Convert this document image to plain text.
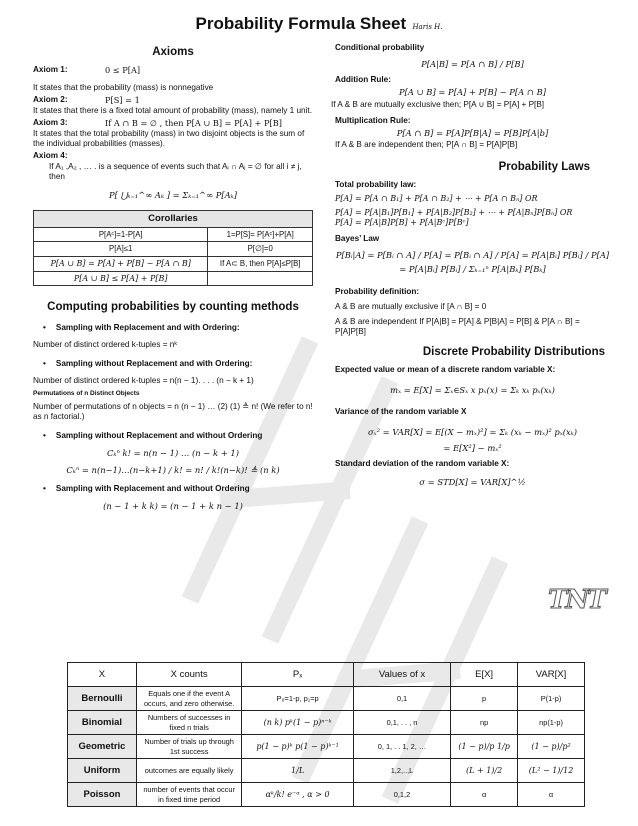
Probability Formula Sheet Haris H.
Axioms
Axiom 1:	0 ≤ P[A]

It states that the probability (mass) is nonnegative

Axiom 2:	P[S] = 1

It states that there is a fixed total amount of probability (mass), namely 1 unit.

Axiom 3:	If A ∩ B = ∅ , then P[A ∪ B] = P[A] + P[B]

It states that the total probability (mass) in two disjoint objects is the sum of the individual probabilities (masses).

Axiom 4:

If A₁ ,A₂ , … . is a sequence of events such that Aᵢ ∩ Aⱼ = ∅ for all i ≠ j, then

P[ ⋃ₖ₌₁^∞ Aₖ ] = Σₖ₌₁^∞ P[Aₖ]

Corollaries	
P[Aᶜ]=1-P[A]	1=P[S]= P[Aᶜ]+P[A]
P[A]≤1	P[∅]=0
P[A ∪ B] = P[A] + P[B] − P[A ∩ B]	If A⊂ B, then P[A]≤P[B]
P[A ∪ B] ≤ P[A] + P[B]	
Computing probabilities by counting methods
• Sampling with Replacement and with Ordering:

Number of distinct ordered k-tuples = nᵏ

• Sampling without Replacement and with Ordering:

Number of distinct ordered k-tuples = n(n − 1). . . . (n − k + 1)

Permutations of n Distinct Objects

Number of permutations of n objects = n (n − 1) … (2) (1) ≜ n! (We refer to n! as n factorial.)

• Sampling without Replacement and without Ordering

Cₖⁿ k! = n(n − 1) … (n − k + 1)

Cₖⁿ = n(n−1)…(n−k+1) / k! = n! / k!(n−k)! ≜ (n k)

• Sampling with Replacement and without Ordering

(n − 1 + k k) = (n − 1 + k n − 1)

Conditional probability

P[A|B] = P[A ∩ B] / P[B]

Addition Rule:

P[A ∪ B] = P[A] + P[B] − P[A ∩ B]

If A & B are mutually exclusive then; P[A ∪ B] = P[A] + P[B]

Multiplication Rule:

P[A ∩ B] = P[A]P[B|A] = P[B]P[A|b]

If A & B are independent then; P[A ∩ B] = P[A]P[B]

Probability Laws

Total probability law:

P[A] = P[A ∩ B₁] + P[A ∩ B₂] + ⋯ + P[A ∩ Bₙ] OR

P[A] = P[A|B₁]P[B₁] + P[A|B₂]P[B₂] + ⋯ + P[A|Bₙ]P[Bₙ] OR

P[A] = P[A|B]P[B] + P[A|Bᶜ]P[Bᶜ]

Bayes’ Law

P[Bᵢ|A] = P[Bᵢ ∩ A] / P[A] = P[Bᵢ ∩ A] / P[A] = P[A|Bᵢ] P[Bᵢ] / P[A]

= P[A|Bᵢ] P[Bᵢ] / Σₖ₌₁ⁿ P[A|Bₖ] P[Bₖ]

Probability definition:

A & B are mutually exclusive if [A ∩ B] = 0

A & B are independent If P[A|B] = P[A] & P[B|A] = P[B] & P[A ∩ B] = P[A]P[B]

Discrete Probability Distributions

Expected value or mean of a discrete random variable X:

mₓ = E[X] = Σₓ∈Sₓ x pₓ(x) = Σₖ xₖ pₓ(xₖ)

Variance of the random variable X

σₓ² = VAR[X] = E[(X − mₓ)²] = Σₖ (xₖ − mₓ)² pₓ(xₖ)

= E[X²] − mₓ²

Standard deviation of the random variable X:

σ = STD[X] = VAR[X]^½

TNT
X	X counts	Pₓ	Values of x	E[X]	VAR[X]
Bernoulli	Equals one if the event A occurs, and zero otherwise.	P₀=1-p, p₁=p	0,1	p	P(1-p)
Binomial	Numbers of successes in fixed n trials	(n k) pᵏ(1 − p)ⁿ⁻ᵏ	0,1, . . , n	np	np(1-p)
Geometric	Number of trials up through 1st success	p(1 − p)ᵏ p(1 − p)ᵏ⁻¹	0, 1, . . 1, 2, …	(1 − p)/p 1/p	(1 − p)/p²
Uniform	outcomes are equally likely	1/L	1,2,..,L	(L + 1)/2	(L² − 1)/12
Poisson	number of events that occur in fixed time period	αᵏ/k! e⁻ᵅ , α > 0	0,1,2	α	α
